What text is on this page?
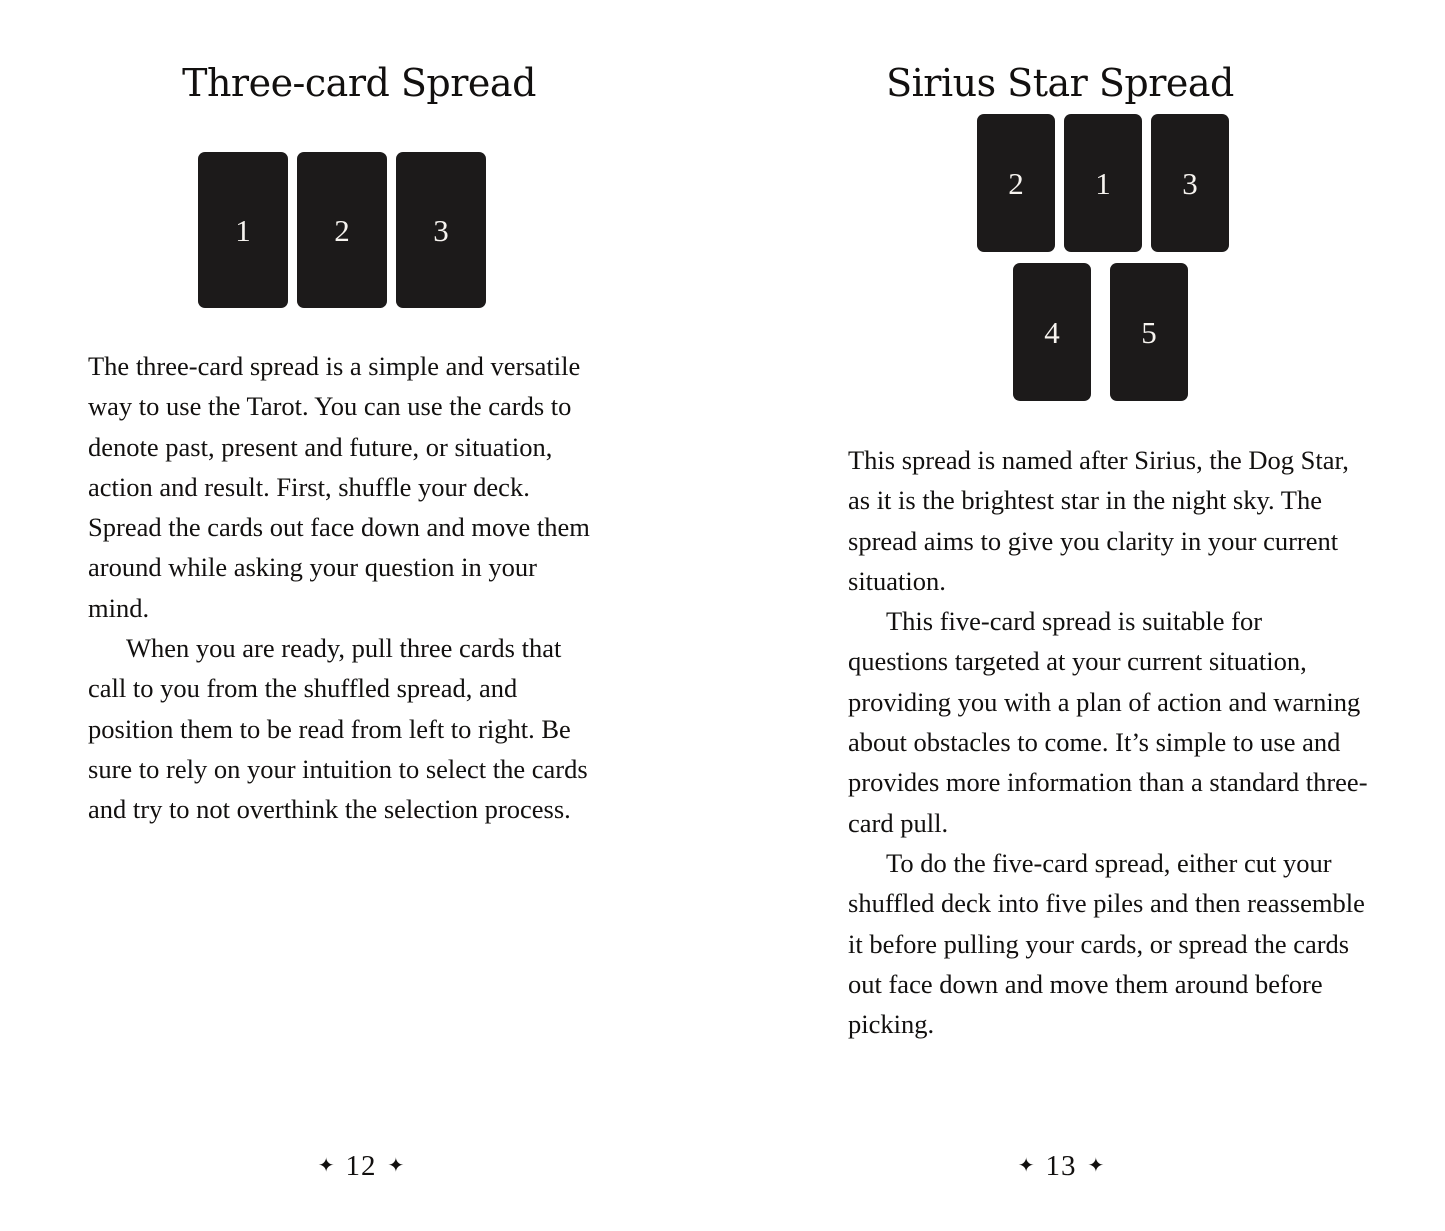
Three-card Spread
1	2	3

The three-card spread is a simple and versatile way to use the Tarot. You can use the cards to denote past, present and future, or situation, action and result. First, shuffle your deck. Spread the cards out face down and move them around while asking your question in your mind.

When you are ready, pull three cards that call to you from the shuffled spread, and position them to be read from left to right. Be sure to rely on your intuition to select the cards and try to not overthink the selection process.

✦ 12 ✦
Sirius Star Spread
2 1 3
4	5

This spread is named after Sirius, the Dog Star, as it is the brightest star in the night sky. The spread aims to give you clarity in your current situation.

This five-card spread is suitable for questions targeted at your current situation, providing you with a plan of action and warning about obstacles to come. It’s simple to use and provides more information than a standard three-card pull.

To do the five-card spread, either cut your shuffled deck into five piles and then reassemble it before pulling your cards, or spread the cards out face down and move them around before picking.

✦ 13 ✦
